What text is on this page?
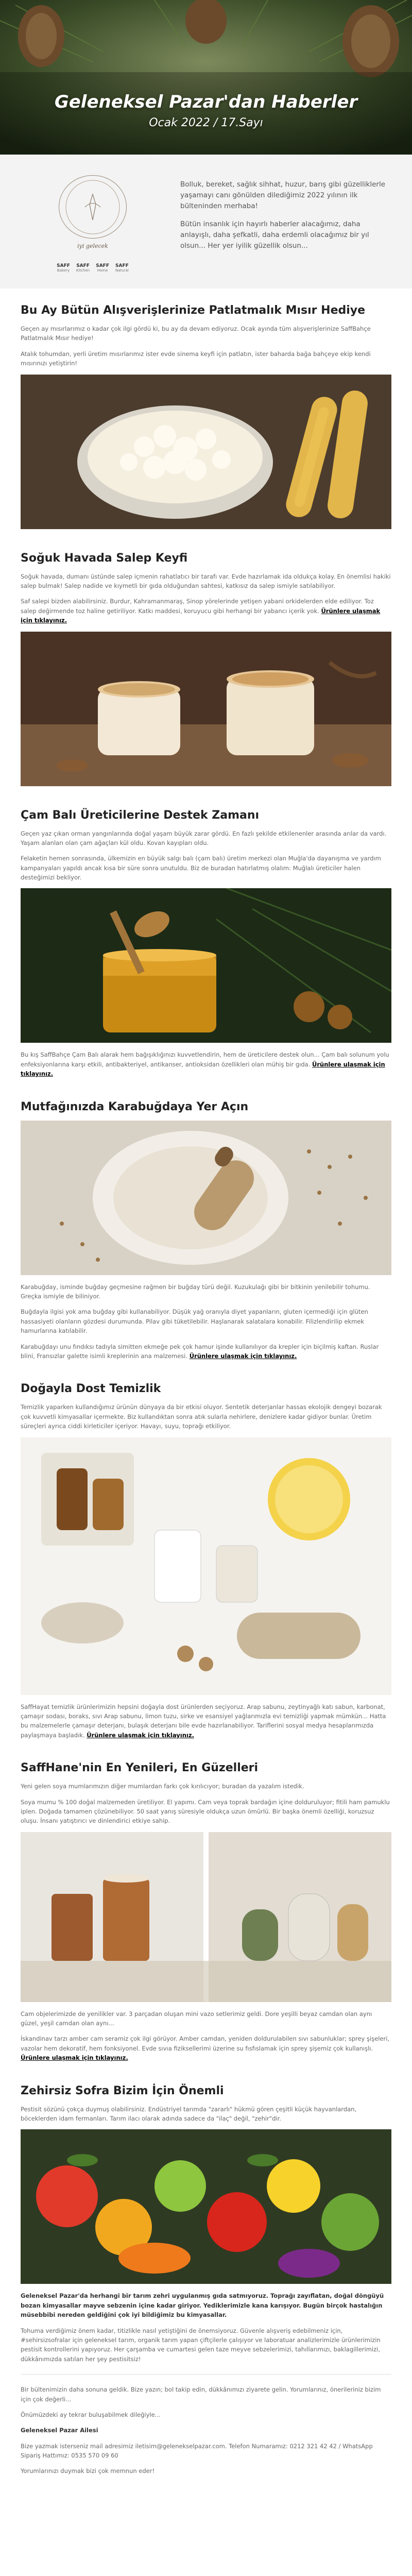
Geleneksel Pazar'dan Haberler
Ocak 2022 / 17.Sayı
iyi gelecek
SAFF
Bakery
SAFF
Kitchen
SAFF
Home
SAFF
Natural

Bolluk, bereket, sağlık sihhat, huzur, barış gibi güzelliklerle yaşamayı canı gönülden dilediğimiz 2022 yılının ilk bülteninden merhaba!

Bütün insanlık için hayırlı haberler alacağımız, daha anlayışlı, daha şefkatli, daha erdemli olacağımız bir yıl olsun... Her yer iyilik güzellik olsun...

Bu Ay Bütün Alışverişlerinize Patlatmalık Mısır Hediye

Geçen ay mısırlarımız o kadar çok ilgi gördü ki, bu ay da devam ediyoruz. Ocak ayında tüm alışverişlerinize SaffBahçe Patlatmalık Mısır hediye!

Atalık tohumdan, yerli üretim mısırlarımız ister evde sinema keyfi için patlatın, ister baharda bağa bahçeye ekip kendi mısırınızı yetiştirin!

Soğuk Havada Salep Keyfi

Soğuk havada, dumanı üstünde salep içmenin rahatlatıcı bir tarafı var. Evde hazırlamak ida oldukça kolay. En önemlisi hakiki salep bulmak! Salep nadide ve kıymetli bir gıda olduğundan sahtesi, katkısız da salep ismiyle satılabiliyor.

Saf salepi bizden alabilirsiniz. Burdur, Kahramanmaraş, Sinop yörelerinde yetişen yabani orkidelerden elde ediliyor. Toz salep değirmende toz haline getiriliyor. Katkı maddesi, koruyucu gibi herhangi bir yabancı içerik yok. Ürünlere ulaşmak için tıklayınız.

Çam Balı Üreticilerine Destek Zamanı

Geçen yaz çıkan orman yangınlarında doğal yaşam büyük zarar gördü. En fazlı şekilde etkilenenler arasında arılar da vardı. Yaşam alanları olan çam ağaçları kül oldu. Kovan kayıpları oldu.

Felaketin hemen sonrasında, ülkemizin en büyük salgı balı (çam balı) üretim merkezi olan Muğla'da dayanışma ve yardım kampanyaları yapıldı ancak kısa bir süre sonra unutuldu. Biz de buradan hatırlatmış olalım: Muğlalı üreticiler halen desteğimizi bekliyor.

Bu kış SaffBahçe Çam Balı alarak hem bağışıklığınızı kuvvetlendirin, hem de üreticilere destek olun... Çam balı solunum yolu enfeksiyonlarına karşı etkili, antibakteriyel, antikanser, antioksidan özellikleri olan mühiş bir gıda. Ürünlere ulaşmak için tıklayınız.

Mutfağınızda Karabuğdaya Yer Açın

Karabuğday, isminde buğday geçmesine rağmen bir buğday türü değil. Kuzukulağı gibi bir bitkinin yenilebilir tohumu. Greçka ismiyle de biliniyor.

Buğdayla ilgisi yok ama buğday gibi kullanabiliyor. Düşük yağ oranıyla diyet yapanların, gluten içermediği için glüten hassasiyeti olanların gözdesi durumunda. Pilav gibi tüketilebilir. Haşlanarak salatalara konabilir. Filizlendirilip ekmek hamurlarına katılabilir.

Karabuğdayı unu fındıksı tadıyla simitten ekmeğe pek çok hamur işinde kullanılıyor da krepler için biçilmiş kaftan. Ruslar blini, Fransızlar galette isimli kreplerinin ana malzemesi. Ürünlere ulaşmak için tıklayınız.

Doğayla Dost Temizlik

Temizlik yaparken kullandığımız ürünün dünyaya da bir etkisi oluyor. Sentetik deterjanlar hassas ekolojik dengeyi bozarak çok kuvvetli kimyasallar içermekte. Biz kullandıktan sonra atık sularla nehirlere, denizlere kadar gidiyor bunlar. Üretim süreçleri ayrıca ciddi kirleticiler içeriyor. Havayı, suyu, toprağı etkiliyor.

SaffHayat temizlik ürünlerimizin hepsini doğayla dost ürünlerden seçiyoruz. Arap sabunu, zeytinyağlı katı sabun, karbonat, çamaşır sodası, boraks, sıvı Arap sabunu, limon tuzu, sirke ve esansiyel yağlarımızla evi temizliği yapmak mümkün... Hatta bu malzemelerle çamaşır deterjanı, bulaşık deterjanı bile evde hazırlanabiliyor. Tariflerini sosyal medya hesaplarımızda paylaşmaya başladık. Ürünlere ulaşmak için tıklayınız.

SaffHane'nin En Yenileri, En Güzelleri

Yeni gelen soya mumlarımızın diğer mumlardan farkı çok kırılıcıyor; buradan da yazalım istedik.

Soya mumu % 100 doğal malzemeden üretiliyor. El yapımı. Cam veya toprak bardağın içine dolduruluyor; fitili ham pamuklu iplen. Doğada tamamen çözünebiliyor. 50 saat yanış süresiyle oldukça uzun ömürlü. Bir başka önemli özelliği, koruzsuz oluşu. İnsanı yatıştırıcı ve dinlendirici etkiye sahip.

Cam objelerimizde de yenilikler var. 3 parçadan oluşan mini vazo setlerimiz geldi. Dore yeşilli beyaz camdan olan aynı güzel, yeşil camdan olan aynı...

İskandinav tarzı amber cam seramiz çok ilgi görüyor. Amber camdan, yeniden doldurulabilen sıvı sabunluklar; sprey şişeleri, vazolar hem dekoratif, hem fonksiyonel. Evde sıvıa fiziksellerimi üzerine su fısfıslamak için sprey şişemiz çok kullanışlı. Ürünlere ulaşmak için tıklayınız.

Zehirsiz Sofra Bizim İçin Önemli

Pestisit sözünü çokça duymuş olabilirsiniz. Endüstriyel tarımda "zararlı" hükmü gören çeşitli küçük hayvanlardan, böceklerden idam fermanları. Tarım ilacı olarak adında sadece da "ilaç" değil, "zehir"dir.

Geleneksel Pazar'da herhangi bir tarım zehri uygulanmış gıda satmıyoruz. Toprağı zayıflatan, doğal döngüyü bozan kimyasallar mayve sebzenin içine kadar giriyor. Yediklerimizle kana karışıyor. Bugün birçok hastalığın müsebbibi nereden geldiğini çok iyi bildiğimiz bu kimyasallar.

Tohuma verdiğimiz önem kadar, titizlikle nasıl yetiştiğini de önemsiyoruz. Güvenle alışveriş edebilmeniz için, #sehirsizsofralar için geleneksel tarım, organik tarım yapan çiftçilerle çalışıyor ve laboratuar analizlerimizle ürünlerimizin pestisit kontrollerini yapıyoruz. Her çarşamba ve cumartesi gelen taze meyve sebzelerimizi, tahıllarımızı, baklagillerimizi, dükkânımızda satılan her şey pestisitsiz!

Bir bültenimizin daha sonuna geldik. Bize yazın; bol takip edin, dükkânımızı ziyarete gelin. Yorumlarınız, önerileriniz bizim için çok değerli...

Önümüzdeki ay tekrar buluşabilmek dileğiyle...

Geleneksel Pazar Ailesi

Bize yazmak isterseniz mail adresimiz iletisim@gelenekselpazar.com. Telefon Numaramız: 0212 321 42 42 / WhatsApp Sipariş Hattımız: 0535 570 09 60

Yorumlarınızı duymak bizi çok memnun eder!
